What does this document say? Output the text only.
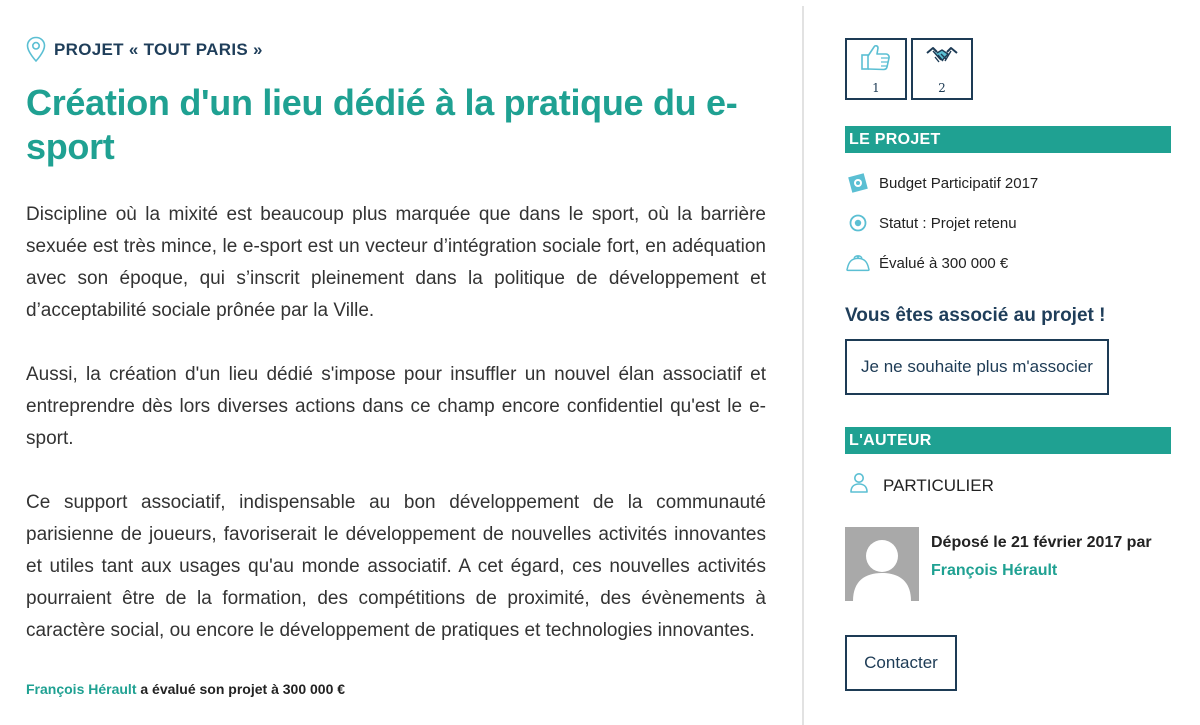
PROJET « TOUT PARIS »
Création d'un lieu dédié à la pratique du e-sport

Discipline où la mixité est beaucoup plus marquée que dans le sport, où la barrière sexuée est très mince, le e-sport est un vecteur d’intégration sociale fort, en adéquation avec son époque, qui s’inscrit pleinement dans la politique de développement et d’acceptabilité sociale prônée par la Ville.

Aussi, la création d'un lieu dédié s'impose pour insuffler un nouvel élan associatif et entreprendre dès lors diverses actions dans ce champ encore confidentiel qu'est le e-sport.

Ce support associatif, indispensable au bon développement de la communauté parisienne de joueurs, favoriserait le développement de nouvelles activités innovantes et utiles tant aux usages qu'au monde associatif. A cet égard, ces nouvelles activités pourraient être de la formation, des compétitions de proximité, des évènements à caractère social, ou encore le développement de pratiques et technologies innovantes.

François Hérault a évalué son projet à 300 000 €
1	2
LE PROJET
Budget Participatif 2017
Statut : Projet retenu
Évalué à 300 000 €
Vous êtes associé au projet !
Je ne souhaite plus m'associer
L'AUTEUR
PARTICULIER
Déposé le 21 février 2017 par
François Hérault
Contacter
